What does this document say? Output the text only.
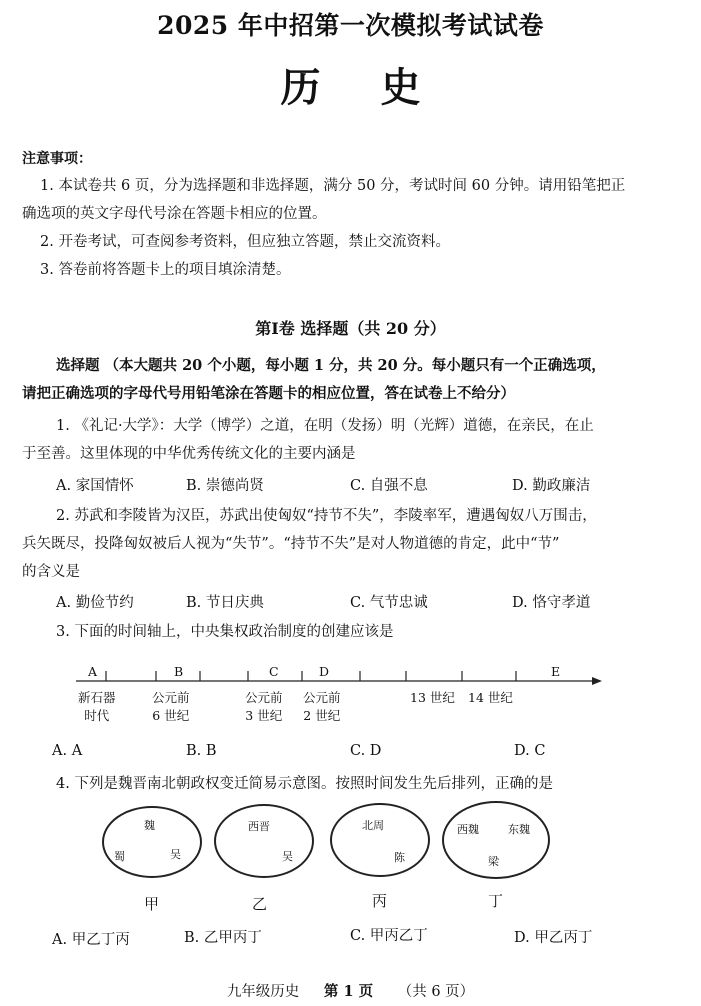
2025 年中招第一次模拟考试试卷
历史
注意事项：
1. 本试卷共 6 页，分为选择题和非选择题，满分 50 分，考试时间 60 分钟。请用铅笔把正
确选项的英文字母代号涂在答题卡相应的位置。
2. 开卷考试，可查阅参考资料，但应独立答题，禁止交流资料。
3. 答卷前将答题卡上的项目填涂清楚。
第Ⅰ卷 选择题（共 20 分）
选择题 （本大题共 20 个小题，每小题 1 分，共 20 分。每小题只有一个正确选项，
请把正确选项的字母代号用铅笔涂在答题卡的相应位置，答在试卷上不给分）
1. 《礼记·大学》：大学（博学）之道，在明（发扬）明（光辉）道德，在亲民，在止
于至善。这里体现的中华优秀传统文化的主要内涵是
A. 家国情怀	B. 崇德尚贤	C. 自强不息	D. 勤政廉洁
2. 苏武和李陵皆为汉臣，苏武出使匈奴“持节不失”，李陵率军，遭遇匈奴八万围击，
兵矢既尽，投降匈奴被后人视为“失节”。“持节不失”是对人物道德的肯定，此中“节”
的含义是
A. 勤俭节约	B. 节日庆典	C. 气节忠诚	D. 恪守孝道
3. 下面的时间轴上，中央集权政治制度的创建应该是
A	B	C	D	E
新石器
时代
公元前
6 世纪
公元前
3 世纪
公元前
2 世纪
13 世纪 14 世纪
A. A	B. B	C. D	D. C
4. 下列是魏晋南北朝政权变迁简易示意图。按照时间发生先后排列，正确的是
魏
蜀	吴
甲
西晋
吴
乙
北周
陈
丙
西魏	东魏
梁
丁
A. 甲乙丁丙	B. 乙甲丙丁	C. 甲丙乙丁	D. 甲乙丙丁
九年级历史 第 1 页 （共 6 页）
